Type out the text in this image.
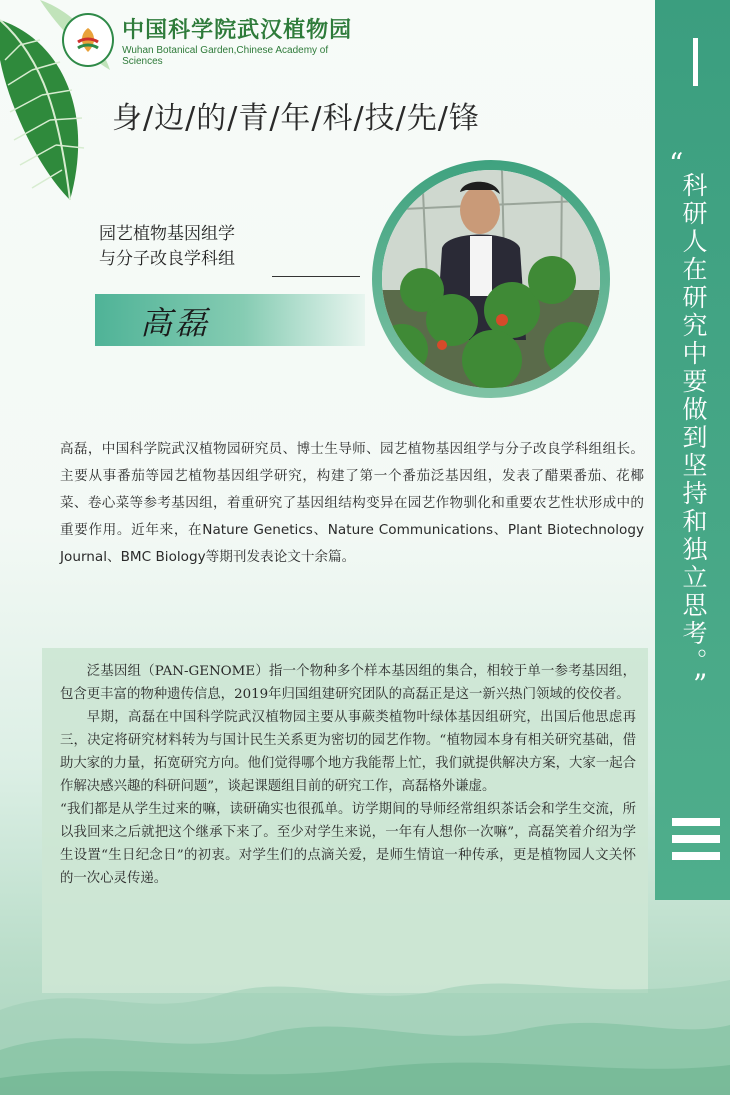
中国科学院武汉植物园
Wuhan Botanical Garden,Chinese Academy of Sciences
身/边/的/青/年/科/技/先/锋
园艺植物基因组学
与分子改良学科组
高磊
高磊，中国科学院武汉植物园研究员、博士生导师、园艺植物基因组学与分子改良学科组组长。主要从事番茄等园艺植物基因组学研究，构建了第一个番茄泛基因组，发表了醋栗番茄、花椰菜、卷心菜等参考基因组，着重研究了基因组结构变异在园艺作物驯化和重要农艺性状形成中的重要作用。近年来，在Nature Genetics、Nature Communications、Plant Biotechnology Journal、BMC Biology等期刊发表论文十余篇。

泛基因组（PAN-GENOME）指一个物种多个样本基因组的集合，相较于单一参考基因组，包含更丰富的物种遗传信息，2019年归国组建研究团队的高磊正是这一新兴热门领域的佼佼者。

早期，高磊在中国科学院武汉植物园主要从事蕨类植物叶绿体基因组研究，出国后他思虑再三，决定将研究材料转为与国计民生关系更为密切的园艺作物。“植物园本身有相关研究基础，借助大家的力量，拓宽研究方向。他们觉得哪个地方我能帮上忙，我们就提供解决方案，大家一起合作解决感兴趣的科研问题”，谈起课题组目前的研究工作，高磊格外谦虚。

“我们都是从学生过来的嘛，读研确实也很孤单。访学期间的导师经常组织茶话会和学生交流，所以我回来之后就把这个继承下来了。至少对学生来说，一年有人想你一次嘛”，高磊笑着介绍为学生设置“生日纪念日”的初衷。对学生们的点滴关爱，是师生情谊一种传承，更是植物园人文关怀的一次心灵传递。

“
科研人在研究中要做到坚持和独立思考。
”
